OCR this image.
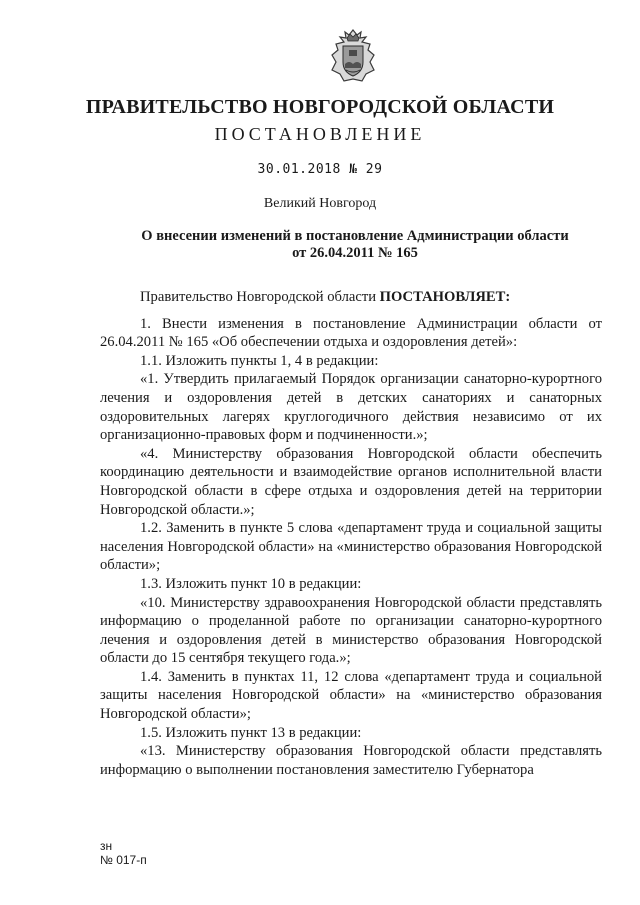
ПРАВИТЕЛЬСТВО НОВГОРОДСКОЙ ОБЛАСТИ
ПОСТАНОВЛЕНИЕ
30.01.2018 № 29
Великий Новгород
О внесении изменений в постановление Администрации области
от 26.04.2011 № 165

Правительство Новгородской области ПОСТАНОВЛЯЕТ:

1. Внести изменения в постановление Администрации области от 26.04.2011 № 165 «Об обеспечении отдыха и оздоровления детей»:

1.1. Изложить пункты 1, 4 в редакции:

«1. Утвердить прилагаемый Порядок организации санаторно-курортного лечения и оздоровления детей в детских санаториях и санаторных оздоровительных лагерях круглогодичного действия независимо от их организационно-правовых форм и подчиненности.»;

«4. Министерству образования Новгородской области обеспечить координацию деятельности и взаимодействие органов исполнительной власти Новгородской области в сфере отдыха и оздоровления детей на территории Новгородской области.»;

1.2. Заменить в пункте 5 слова «департамент труда и социальной защиты населения Новгородской области» на «министерство образования Новгородской области»;

1.3. Изложить пункт 10 в редакции:

«10. Министерству здравоохранения Новгородской области представлять информацию о проделанной работе по организации санаторно-курортного лечения и оздоровления детей в министерство образования Новгородской области до 15 сентября текущего года.»;

1.4. Заменить в пунктах 11, 12 слова «департамент труда и социальной защиты населения Новгородской области» на «министерство образования Новгородской области»;

1.5. Изложить пункт 13 в редакции:

«13. Министерству образования Новгородской области представлять информацию о выполнении постановления заместителю Губернатора

зн
№ 017-п
